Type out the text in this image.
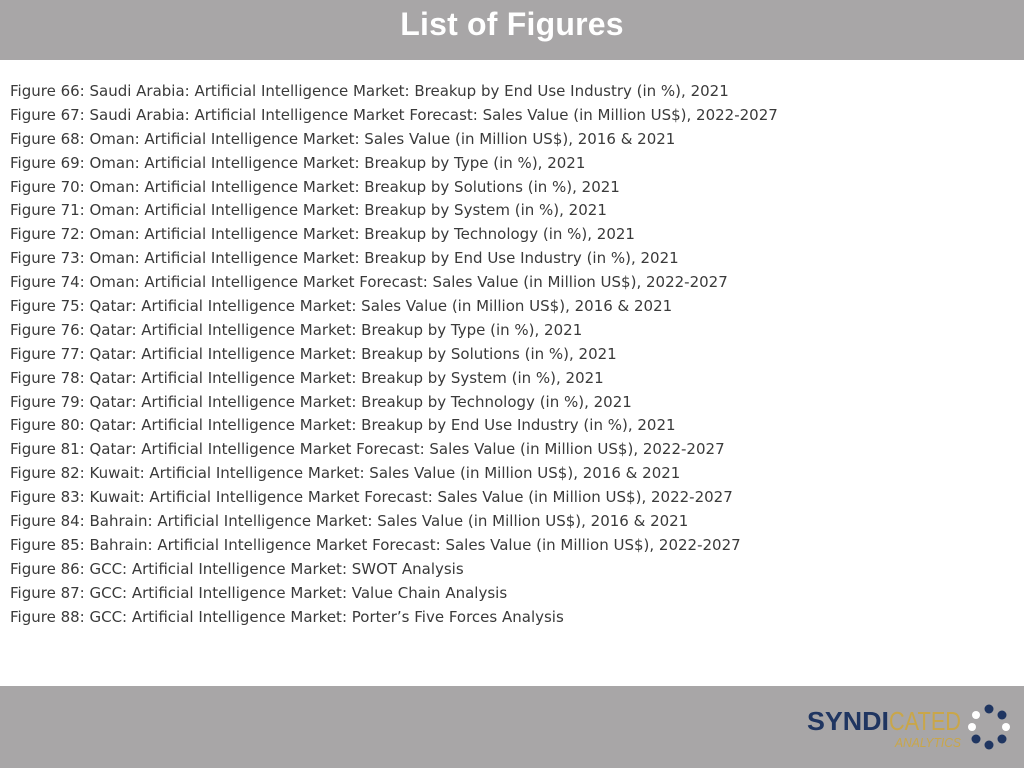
List of Figures
Figure 66: Saudi Arabia: Artificial Intelligence Market: Breakup by End Use Industry (in %), 2021
Figure 67: Saudi Arabia: Artificial Intelligence Market Forecast: Sales Value (in Million US$), 2022-2027
Figure 68: Oman: Artificial Intelligence Market: Sales Value (in Million US$), 2016 & 2021
Figure 69: Oman: Artificial Intelligence Market: Breakup by Type (in %), 2021
Figure 70: Oman: Artificial Intelligence Market: Breakup by Solutions (in %), 2021
Figure 71: Oman: Artificial Intelligence Market: Breakup by System (in %), 2021
Figure 72: Oman: Artificial Intelligence Market: Breakup by Technology (in %), 2021
Figure 73: Oman: Artificial Intelligence Market: Breakup by End Use Industry (in %), 2021
Figure 74: Oman: Artificial Intelligence Market Forecast: Sales Value (in Million US$), 2022-2027
Figure 75: Qatar: Artificial Intelligence Market: Sales Value (in Million US$), 2016 & 2021
Figure 76: Qatar: Artificial Intelligence Market: Breakup by Type (in %), 2021
Figure 77: Qatar: Artificial Intelligence Market: Breakup by Solutions (in %), 2021
Figure 78: Qatar: Artificial Intelligence Market: Breakup by System (in %), 2021
Figure 79: Qatar: Artificial Intelligence Market: Breakup by Technology (in %), 2021
Figure 80: Qatar: Artificial Intelligence Market: Breakup by End Use Industry (in %), 2021
Figure 81: Qatar: Artificial Intelligence Market Forecast: Sales Value (in Million US$), 2022-2027
Figure 82: Kuwait: Artificial Intelligence Market: Sales Value (in Million US$), 2016 & 2021
Figure 83: Kuwait: Artificial Intelligence Market Forecast: Sales Value (in Million US$), 2022-2027
Figure 84: Bahrain: Artificial Intelligence Market: Sales Value (in Million US$), 2016 & 2021
Figure 85: Bahrain: Artificial Intelligence Market Forecast: Sales Value (in Million US$), 2022-2027
Figure 86: GCC: Artificial Intelligence Market: SWOT Analysis
Figure 87: GCC: Artificial Intelligence Market: Value Chain Analysis
Figure 88: GCC: Artificial Intelligence Market: Porter’s Five Forces Analysis
SYNDI CATED
ANALYTICS
